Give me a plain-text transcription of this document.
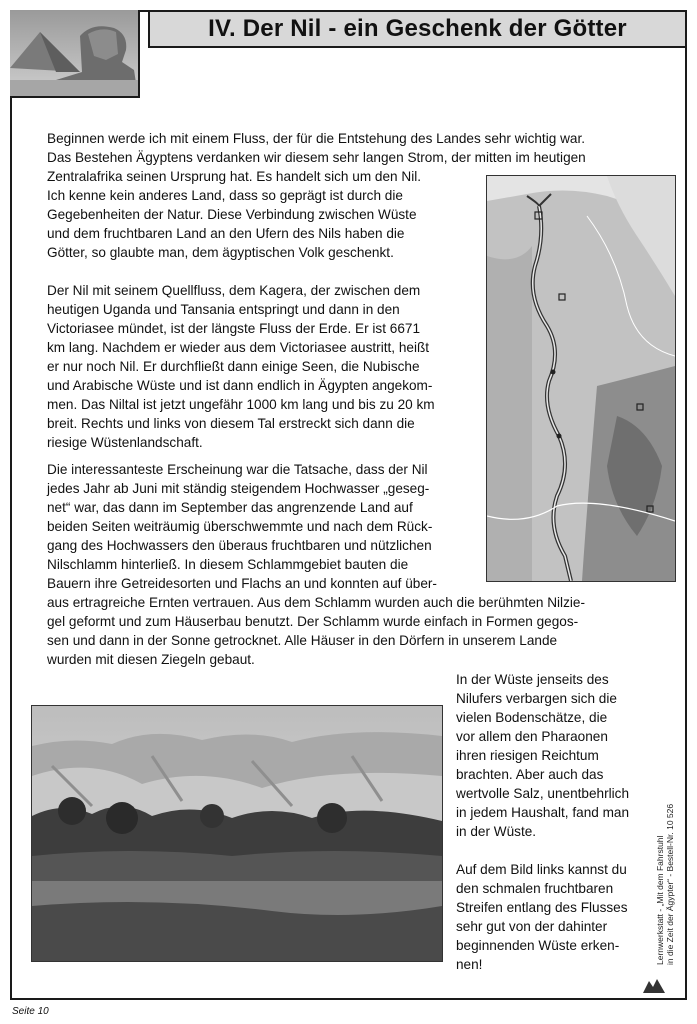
IV. Der Nil - ein Geschenk der Götter

Beginnen werde ich mit einem Fluss, der für die Entstehung des Landes sehr wichtig war.
Das Bestehen Ägyptens verdanken wir diesem sehr langen Strom, der mitten im heutigen
Zentralafrika seinen Ursprung hat. Es handelt sich um den Nil.
Ich kenne kein anderes Land, dass so geprägt ist durch die
Gegebenheiten der Natur. Diese Verbindung zwischen Wüste
und dem fruchtbaren Land an den Ufern des Nils haben die
Götter, so glaubte man, dem ägyptischen Volk geschenkt.

Der Nil mit seinem Quellfluss, dem Kagera, der zwischen dem
heutigen Uganda und Tansania entspringt und dann in den
Victoriasee mündet, ist der längste Fluss der Erde. Er ist 6671
km lang. Nachdem er wieder aus dem Victoriasee austritt, heißt
er nur noch Nil. Er durchfließt dann einige Seen, die Nubische
und Arabische Wüste und ist dann endlich in Ägypten angekom-
men. Das Niltal ist jetzt ungefähr 1000 km lang und bis zu 20 km
breit. Rechts und links von diesem Tal erstreckt sich dann die
riesige Wüstenlandschaft.

Die interessanteste Erscheinung war die Tatsache, dass der Nil
jedes Jahr ab Juni mit ständig steigendem Hochwasser „geseg-
net“ war, das dann im September das angrenzende Land auf
beiden Seiten weiträumig überschwemmte und nach dem Rück-
gang des Hochwassers den überaus fruchtbaren und nützlichen
Nilschlamm hinterließ. In diesem Schlammgebiet bauten die
Bauern ihre Getreidesorten und Flachs an und konnten auf über-
aus ertragreiche Ernten vertrauen. Aus dem Schlamm wurden auch die berühmten Nilzie-
gel geformt und zum Häuserbau benutzt. Der Schlamm wurde einfach in Formen gegos-
sen und dann in der Sonne getrocknet. Alle Häuser in den Dörfern in unserem Lande
wurden mit diesen Ziegeln gebaut.

In der Wüste jenseits des
Nilufers verbargen sich die
vielen Bodenschätze, die
vor allem den Pharaonen
ihren riesigen Reichtum
brachten. Aber auch das
wertvolle Salz, unentbehrlich
in jedem Haushalt, fand man
in der Wüste.
Auf dem Bild links kannst du
den schmalen fruchtbaren
Streifen entlang des Flusses
sehr gut von der dahinter
beginnenden Wüste erken-
nen!	Lernwerkstatt - „Mit dem Fahrstuhl in die Zeit der Ägypter“ - Bestell-Nr. 10 526
Seite 10
